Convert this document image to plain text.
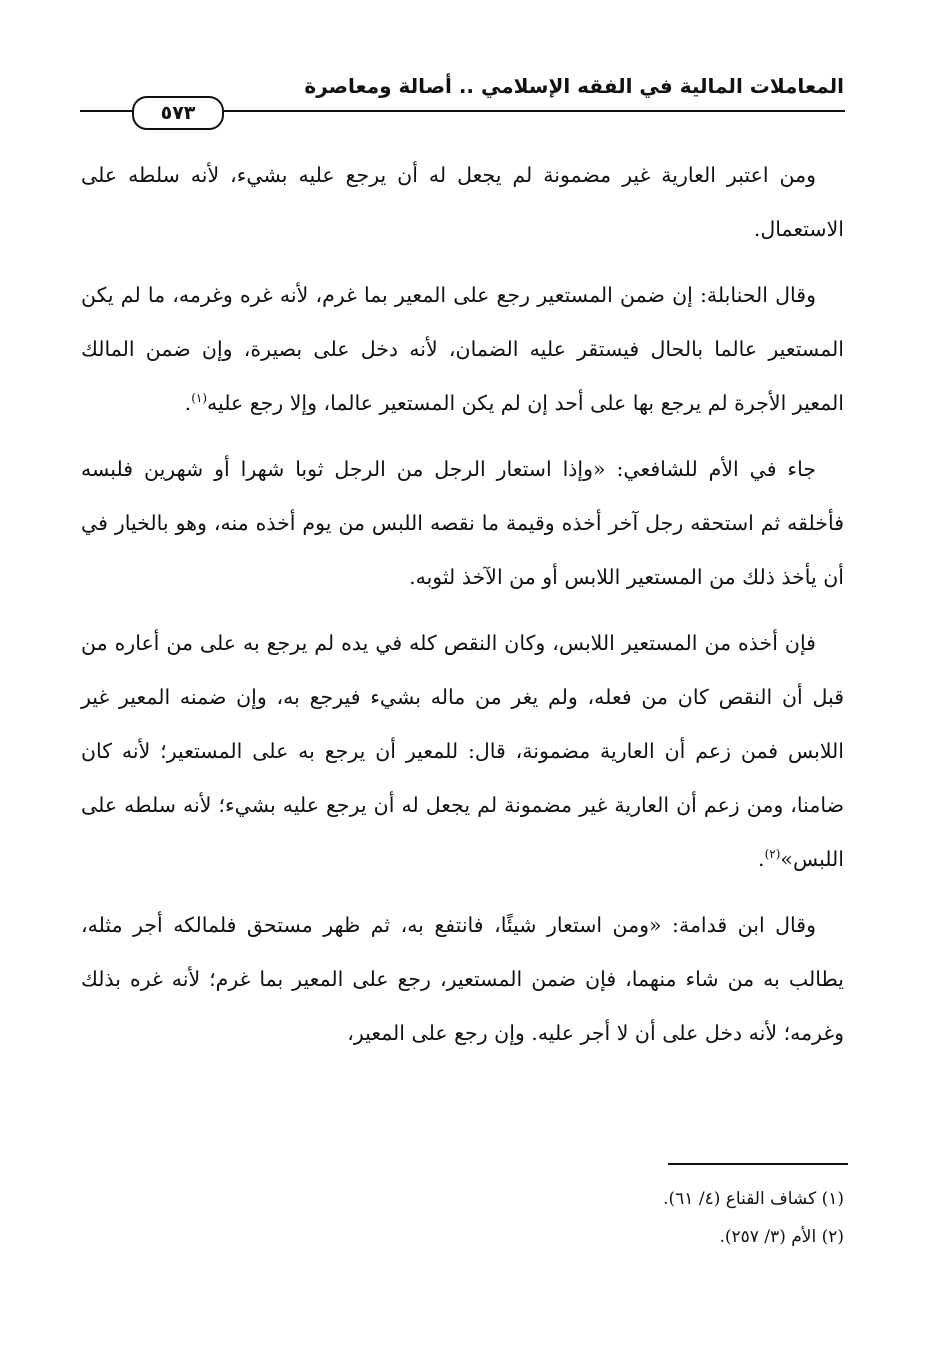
المعاملات المالية في الفقه الإسلامي .. أصالة ومعاصرة
٥٧٣

ومن اعتبر العارية غير مضمونة لم يجعل له أن يرجع عليه بشيء، لأنه سلطه على الاستعمال.

وقال الحنابلة: إن ضمن المستعير رجع على المعير بما غرم، لأنه غره وغرمه، ما لم يكن المستعير عالما بالحال فيستقر عليه الضمان، لأنه دخل على بصيرة، وإن ضمن المالك المعير الأجرة لم يرجع بها على أحد إن لم يكن المستعير عالما، وإلا رجع عليه$^{(١)}$.

جاء في الأم للشافعي: «وإذا استعار الرجل من الرجل ثوبا شهرا أو شهرين فلبسه فأخلقه ثم استحقه رجل آخر أخذه وقيمة ما نقصه اللبس من يوم أخذه منه، وهو بالخيار في أن يأخذ ذلك من المستعير اللابس أو من الآخذ لثوبه.

فإن أخذه من المستعير اللابس، وكان النقص كله في يده لم يرجع به على من أعاره من قبل أن النقص كان من فعله، ولم يغر من ماله بشيء فيرجع به، وإن ضمنه المعير غير اللابس فمن زعم أن العارية مضمونة، قال: للمعير أن يرجع به على المستعير؛ لأنه كان ضامنا، ومن زعم أن العارية غير مضمونة لم يجعل له أن يرجع عليه بشيء؛ لأنه سلطه على اللبس»$^{(٢)}$.

وقال ابن قدامة: «ومن استعار شيئًا، فانتفع به، ثم ظهر مستحق فلمالكه أجر مثله، يطالب به من شاء منهما، فإن ضمن المستعير، رجع على المعير بما غرم؛ لأنه غره بذلك وغرمه؛ لأنه دخل على أن لا أجر عليه. وإن رجع على المعير،

(١) كشاف القناع (٤/ ٦١).
(٢) الأم (٣/ ٢٥٧).
